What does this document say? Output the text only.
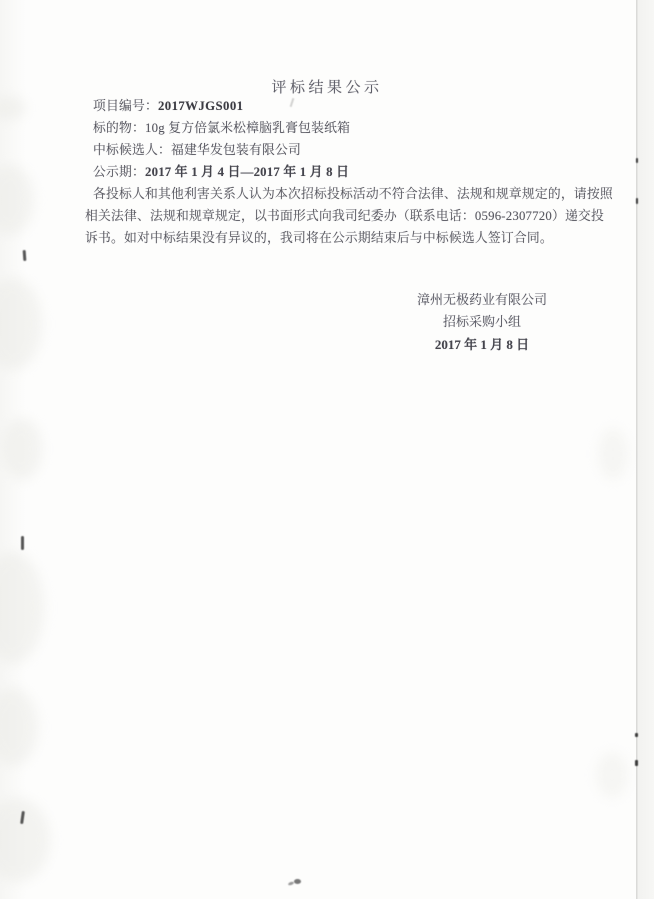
评标结果公示
项目编号：2017WJGS001
标的物：10g 复方倍氯米松樟脑乳膏包装纸箱
中标候选人：福建华发包装有限公司
公示期：2017 年 1 月 4 日—2017 年 1 月 8 日
各投标人和其他利害关系人认为本次招标投标活动不符合法律、法规和规章规定的，请按照
相关法律、法规和规章规定，以书面形式向我司纪委办（联系电话：0596-2307720）递交投
诉书。如对中标结果没有异议的，我司将在公示期结束后与中标候选人签订合同。
漳州无极药业有限公司
招标采购小组
2017 年 1 月 8 日
